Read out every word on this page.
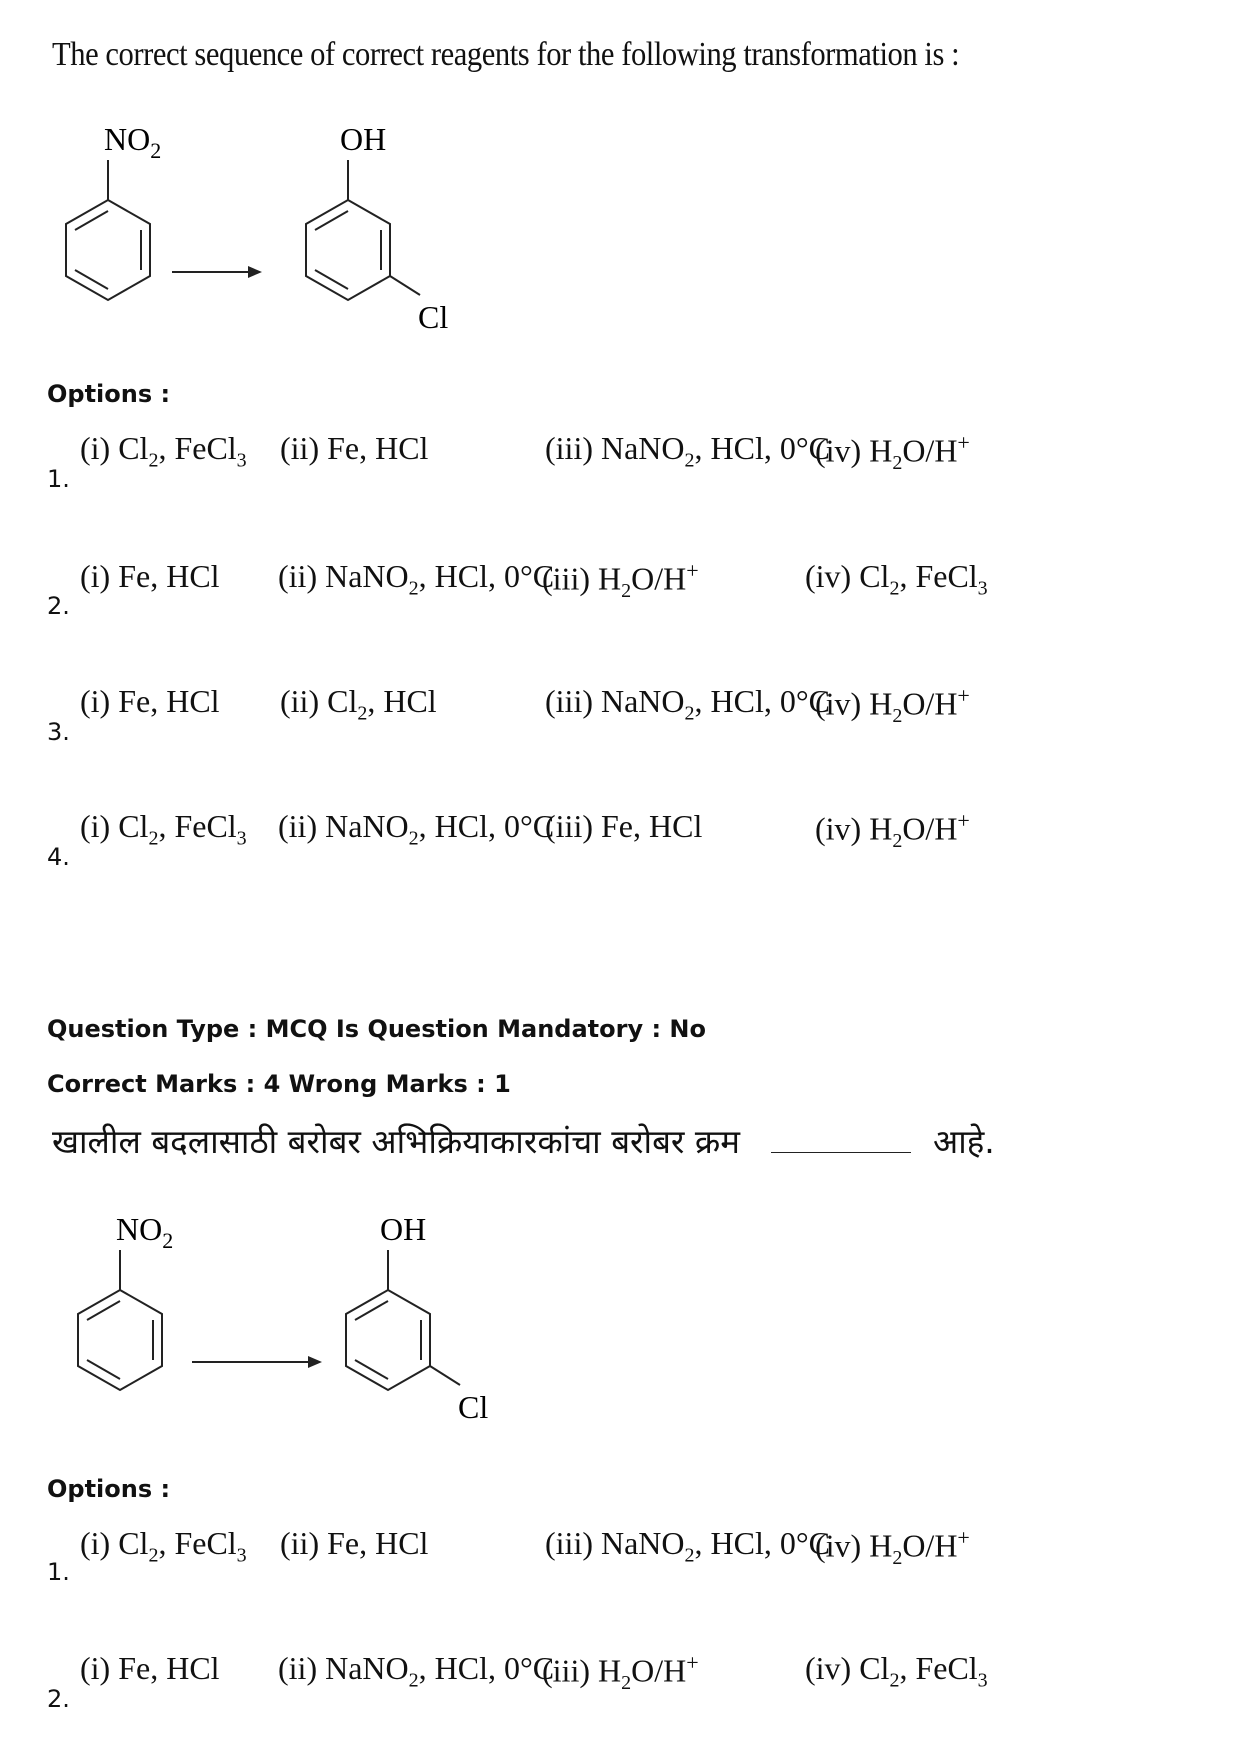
The correct sequence of correct reagents for the following transformation is :
$NO_2$	OH
Cl
Options :
1.
(i) $Cl_2$, FeCl$_3$ (ii) Fe, HCl	(iii) NaNO$_2$, HCl, 0°C
(iv) $H_2O/H^+$
2.
(i) Fe, HCl (ii) NaNO$_2$, HCl, 0°C
(iii) $H_2O/H^+$	(iv) $Cl_2$, FeCl$_3$
3.
(i) Fe, HCl (ii) $Cl_2$, HCl	(iii) NaNO$_2$, HCl, 0°C
(iv) $H_2O/H^+$
4.
(i) $Cl_2$, FeCl$_3$ (ii) NaNO$_2$, HCl, 0°C
(iii) Fe, HCl	(iv) $H_2O/H^+$
Question Type : MCQ Is Question Mandatory : No
Correct Marks : 4 Wrong Marks : 1
खालील बदलासाठी बरोबर अभिक्रियाकारकांचा बरोबर क्रम	आहे.
$NO_2$	OH
Cl
Options :
1.
(i) $Cl_2$, FeCl$_3$ (ii) Fe, HCl	(iii) NaNO$_2$, HCl, 0°C
(iv) $H_2O/H^+$
2.
(i) Fe, HCl (ii) NaNO$_2$, HCl, 0°C
(iii) $H_2O/H^+$	(iv) $Cl_2$, FeCl$_3$
